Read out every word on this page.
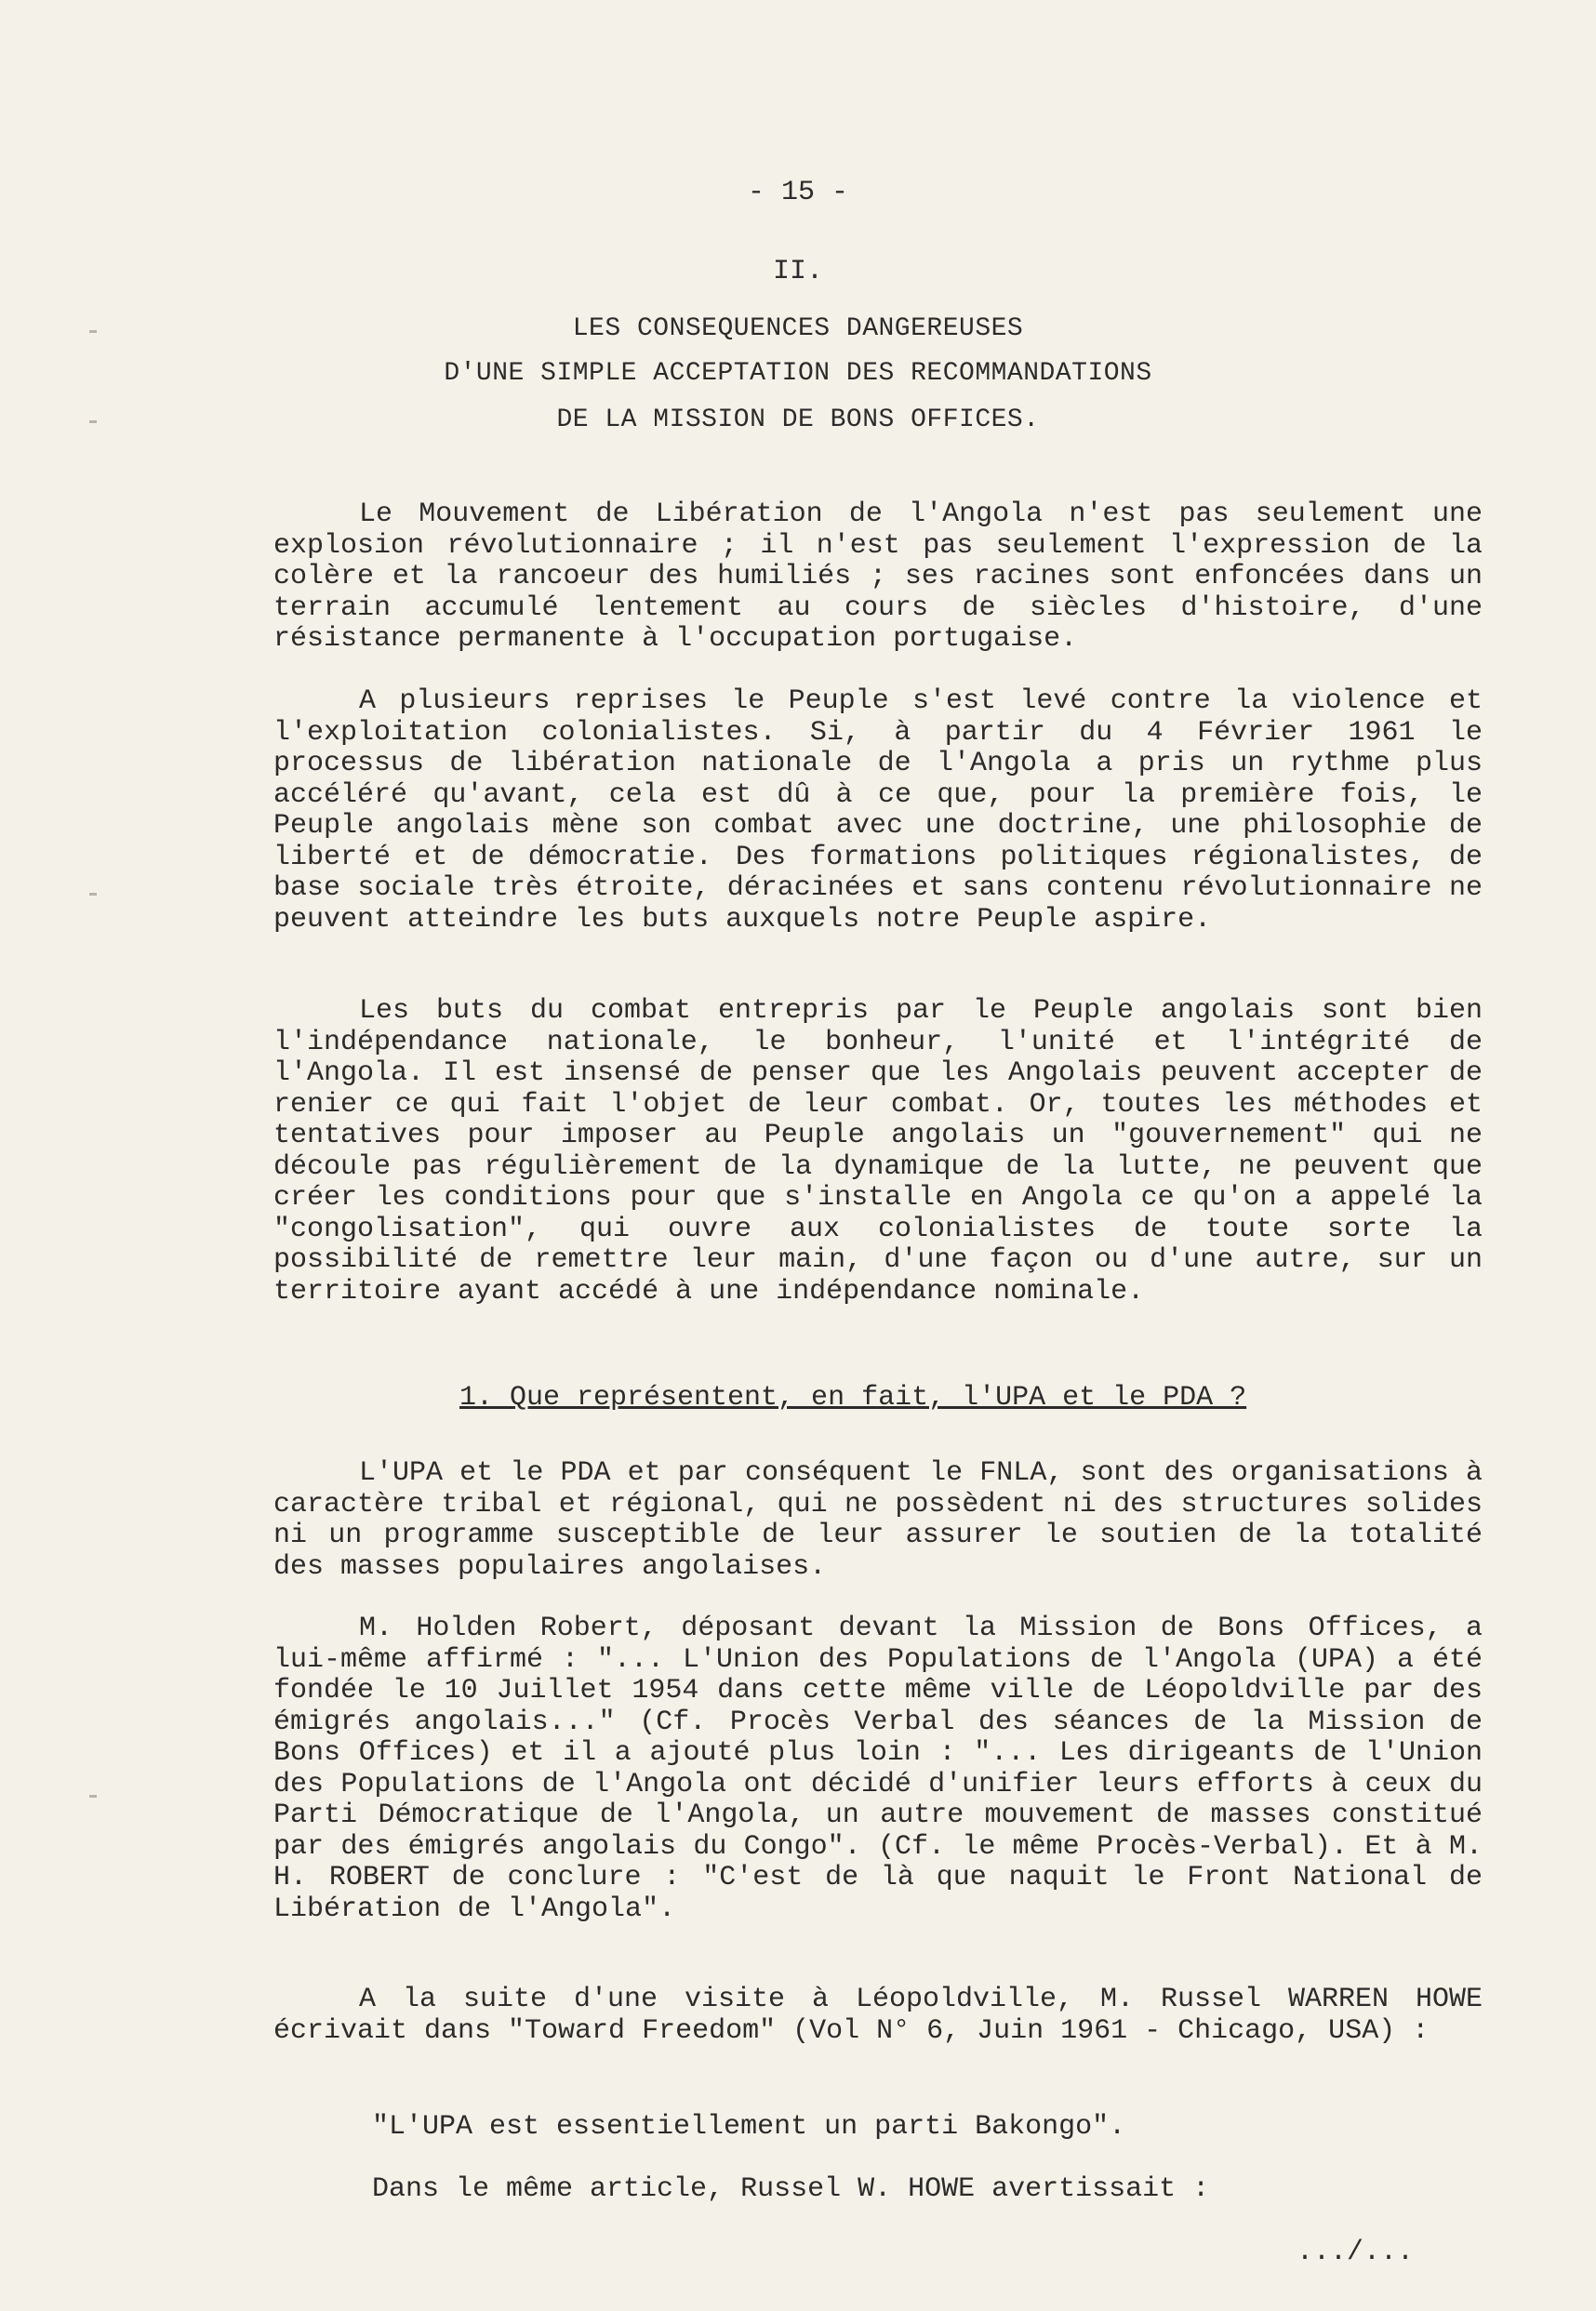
- 15 -
II.
LES CONSEQUENCES DANGEREUSES
D'UNE SIMPLE ACCEPTATION DES RECOMMANDATIONS
DE LA MISSION DE BONS OFFICES.

Le Mouvement de Libération de l'Angola n'est pas seulement une explosion révolutionnaire ; il n'est pas seulement l'expression de la colère et la rancoeur des humiliés ; ses racines sont enfoncées dans un terrain accumulé lentement au cours de siècles d'histoire, d'une résistance permanente à l'occupation portugaise.

A plusieurs reprises le Peuple s'est levé contre la violence et l'exploitation colonialistes. Si, à partir du 4 Février 1961 le processus de libération nationale de l'Angola a pris un rythme plus accéléré qu'avant, cela est dû à ce que, pour la première fois, le Peuple angolais mène son combat avec une doctrine, une philosophie de liberté et de démocratie. Des formations politiques régionalistes, de base sociale très étroite, déracinées et sans contenu révolutionnaire ne peuvent atteindre les buts auxquels notre Peuple aspire.

Les buts du combat entrepris par le Peuple angolais sont bien l'indépendance nationale, le bonheur, l'unité et l'intégrité de l'Angola. Il est insensé de penser que les Angolais peuvent accepter de renier ce qui fait l'objet de leur combat. Or, toutes les méthodes et tentatives pour imposer au Peuple angolais un "gouvernement" qui ne découle pas régulièrement de la dynamique de la lutte, ne peuvent que créer les conditions pour que s'installe en Angola ce qu'on a appelé la "congolisation", qui ouvre aux colonialistes de toute sorte la possibilité de remettre leur main, d'une façon ou d'une autre, sur un territoire ayant accédé à une indépendance nominale.

1. Que représentent, en fait, l'UPA et le PDA ?

L'UPA et le PDA et par conséquent le FNLA, sont des organisations à caractère tribal et régional, qui ne possèdent ni des structures solides ni un programme susceptible de leur assurer le soutien de la totalité des masses populaires angolaises.

M. Holden Robert, déposant devant la Mission de Bons Offices, a lui-même affirmé : "... L'Union des Populations de l'Angola (UPA) a été fondée le 10 Juillet 1954 dans cette même ville de Léopoldville par des émigrés angolais..." (Cf. Procès Verbal des séances de la Mission de Bons Offices) et il a ajouté plus loin : "... Les dirigeants de l'Union des Populations de l'Angola ont décidé d'unifier leurs efforts à ceux du Parti Démocratique de l'Angola, un autre mouvement de masses constitué par des émigrés angolais du Congo". (Cf. le même Procès-Verbal). Et à M. H. ROBERT de conclure : "C'est de là que naquit le Front National de Libération de l'Angola".

A la suite d'une visite à Léopoldville, M. Russel WARREN HOWE écrivait dans "Toward Freedom" (Vol N° 6, Juin 1961 - Chicago, USA) :

"L'UPA est essentiellement un parti Bakongo".
Dans le même article, Russel W. HOWE avertissait :
.../...
